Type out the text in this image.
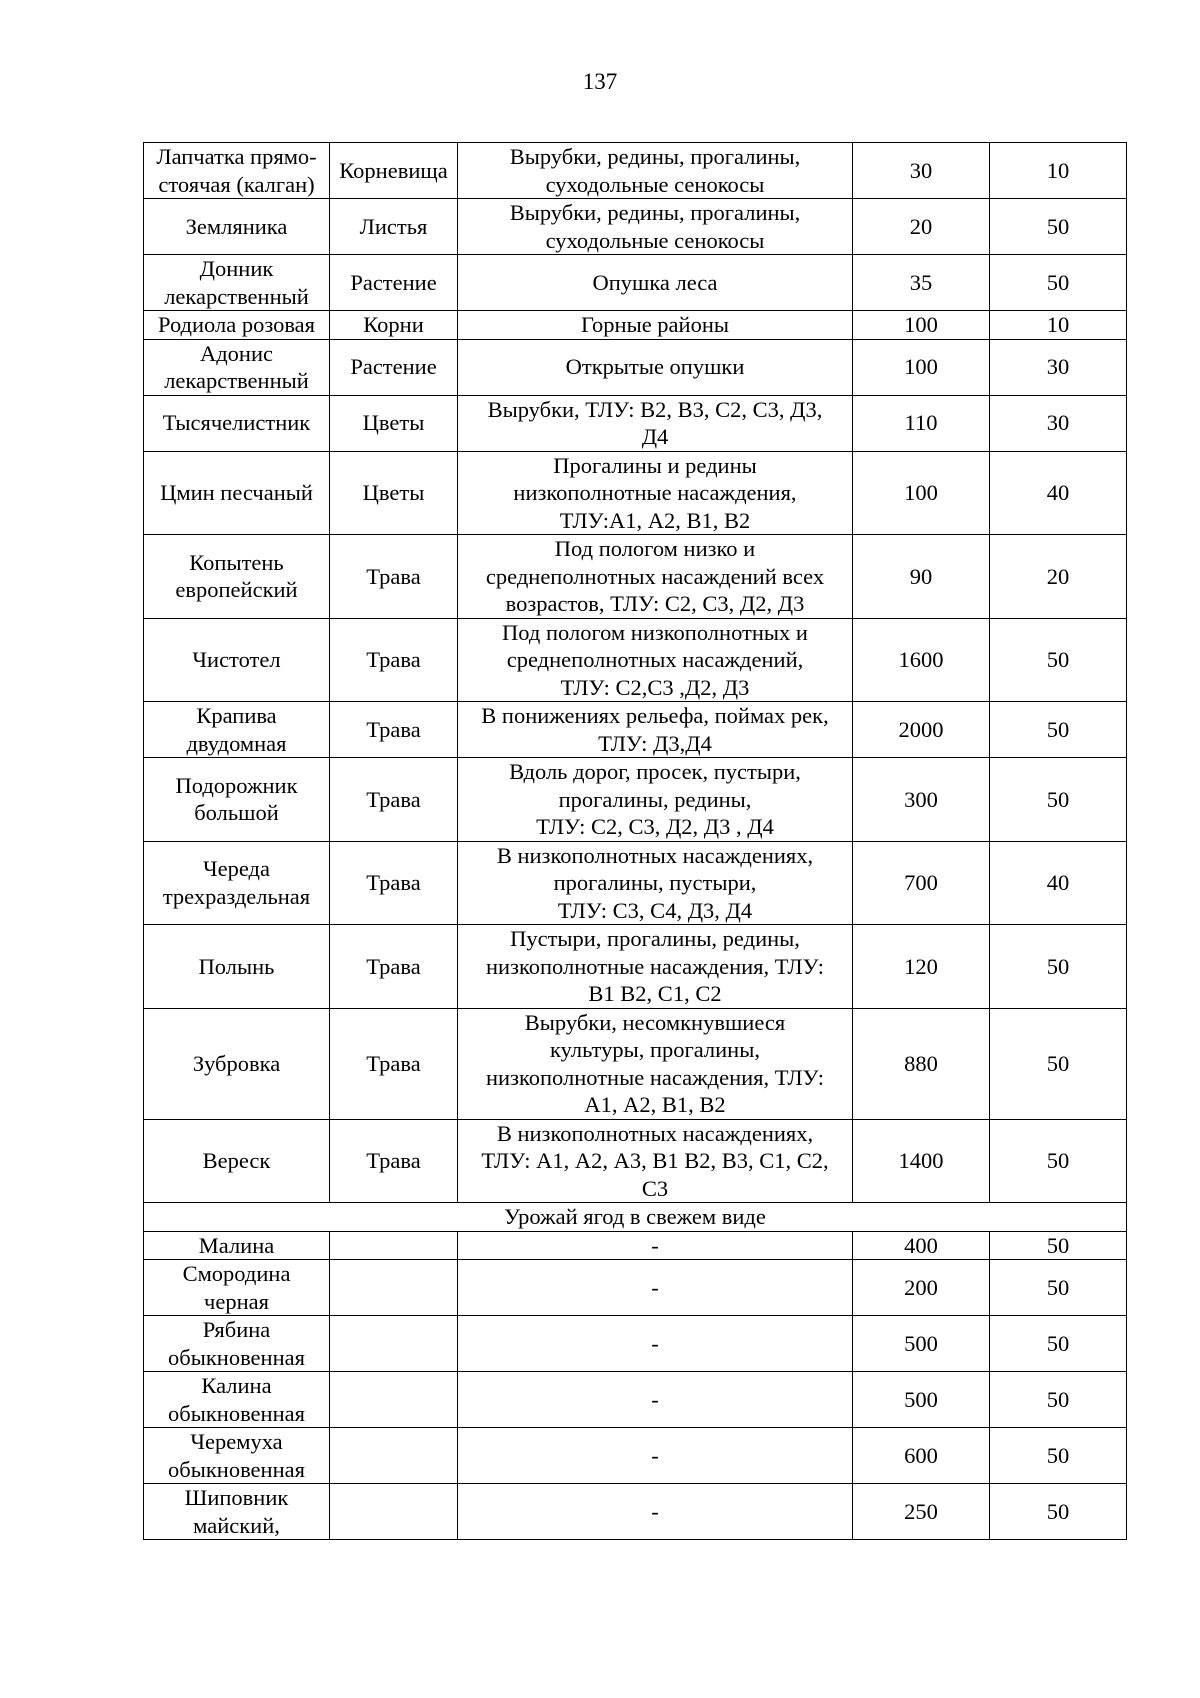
137
Лапчатка прямо-
стоячая (калган)	Корневища	Вырубки, редины, прогалины,
суходольные сенокосы	30	10
Земляника	Листья	Вырубки, редины, прогалины,
суходольные сенокосы	20	50
Донник
лекарственный	Растение	Опушка леса	35	50
Родиола розовая	Корни	Горные районы	100	10
Адонис
лекарственный	Растение	Открытые опушки	100	30
Тысячелистник	Цветы	Вырубки, ТЛУ: В2, В3, С2, С3, Д3,
Д4	110	30
Цмин песчаный	Цветы	Прогалины и редины
низкополнотные насаждения,
ТЛУ:А1, А2, В1, В2	100	40
Копытень
европейский	Трава	Под пологом низко и
среднеполнотных насаждений всех
возрастов, ТЛУ: С2, С3, Д2, Д3	90	20
Чистотел	Трава	Под пологом низкополнотных и
среднеполнотных насаждений,
ТЛУ: С2,С3 ,Д2, Д3	1600	50
Крапива
двудомная	Трава	В понижениях рельефа, поймах рек,
ТЛУ: Д3,Д4	2000	50
Подорожник
большой	Трава	Вдоль дорог, просек, пустыри,
прогалины, редины,
ТЛУ: С2, С3, Д2, Д3 , Д4	300	50
Череда
трехраздельная	Трава	В низкополнотных насаждениях,
прогалины, пустыри,
ТЛУ: С3, С4, Д3, Д4	700	40
Полынь	Трава	Пустыри, прогалины, редины,
низкополнотные насаждения, ТЛУ:
В1 В2, С1, С2	120	50
Зубровка	Трава	Вырубки, несомкнувшиеся
культуры, прогалины,
низкополнотные насаждения, ТЛУ:
А1, А2, В1, В2	880	50
Вереск	Трава	В низкополнотных насаждениях,
ТЛУ: А1, А2, А3, В1 В2, В3, С1, С2,
С3	1400	50
Урожай ягод в свежем виде				
Малина		-	400	50
Смородина
черная		-	200	50
Рябина
обыкновенная		-	500	50
Калина
обыкновенная		-	500	50
Черемуха
обыкновенная		-	600	50
Шиповник
майский,		-	250	50
